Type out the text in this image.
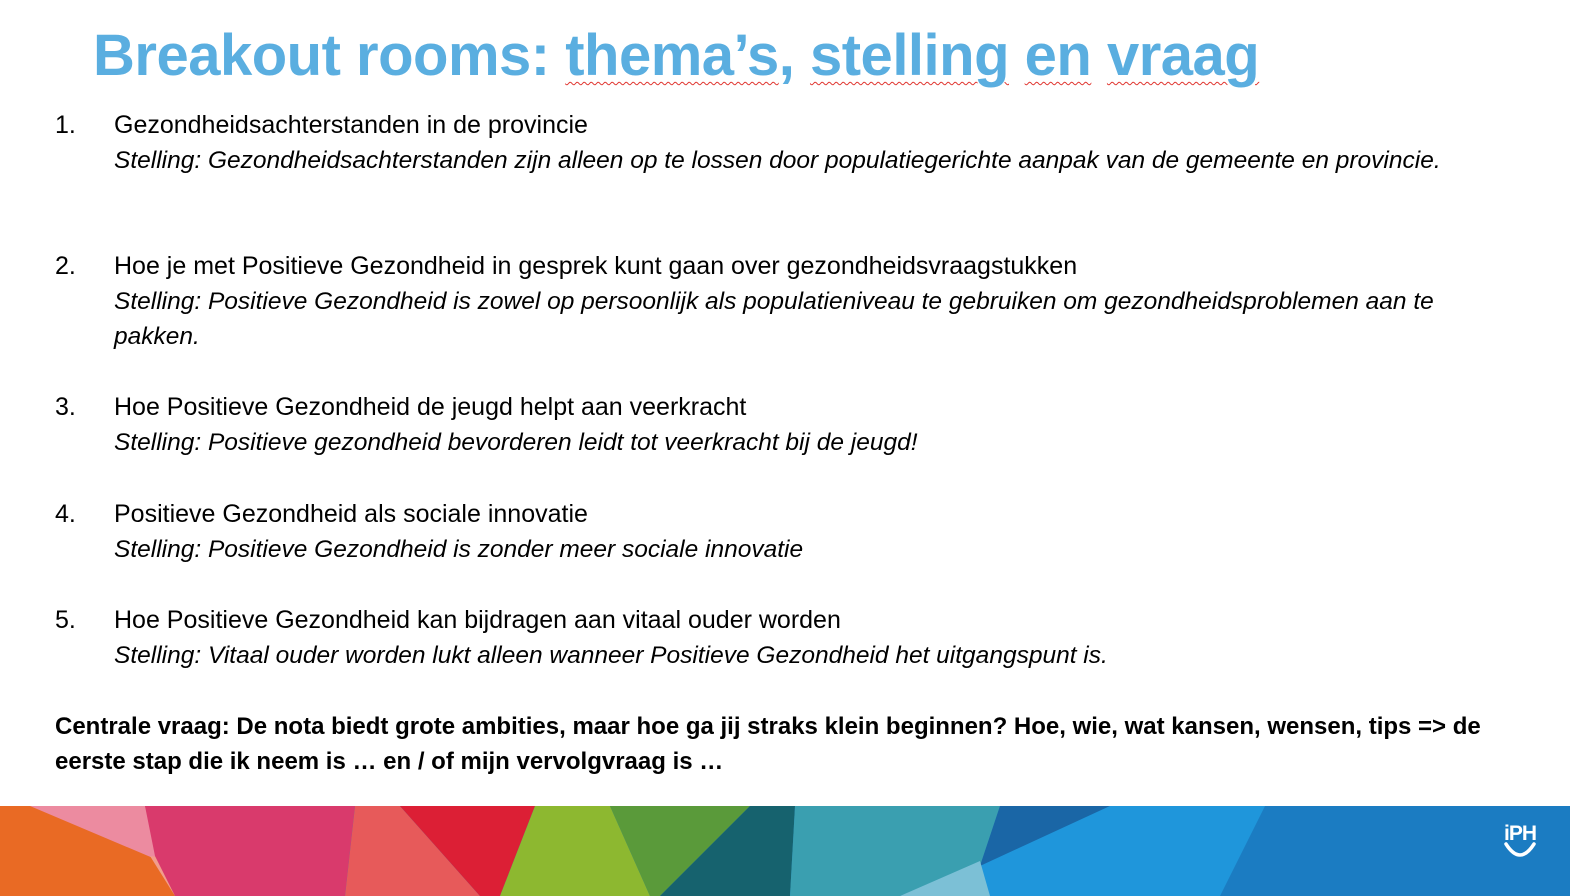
Breakout rooms: thema’s, stelling en vraag
1. Gezondheidsachterstanden in de provincie
Stelling: Gezondheidsachterstanden zijn alleen op te lossen door populatiegerichte aanpak van de gemeente en provincie.
2. Hoe je met Positieve Gezondheid in gesprek kunt gaan over gezondheidsvraagstukken
Stelling: Positieve Gezondheid is zowel op persoonlijk als populatieniveau te gebruiken om gezondheidsproblemen aan te pakken.
3. Hoe Positieve Gezondheid de jeugd helpt aan veerkracht
Stelling: Positieve gezondheid bevorderen leidt tot veerkracht bij de jeugd!
4. Positieve Gezondheid als sociale innovatie
Stelling: Positieve Gezondheid is zonder meer sociale innovatie
5. Hoe Positieve Gezondheid kan bijdragen aan vitaal ouder worden
Stelling: Vitaal ouder worden lukt alleen wanneer Positieve Gezondheid het uitgangspunt is.
Centrale vraag: De nota biedt grote ambities, maar hoe ga jij straks klein beginnen? Hoe, wie, wat kansen, wensen, tips => de eerste stap die ik neem is … en / of mijn vervolgvraag is …
iPH
